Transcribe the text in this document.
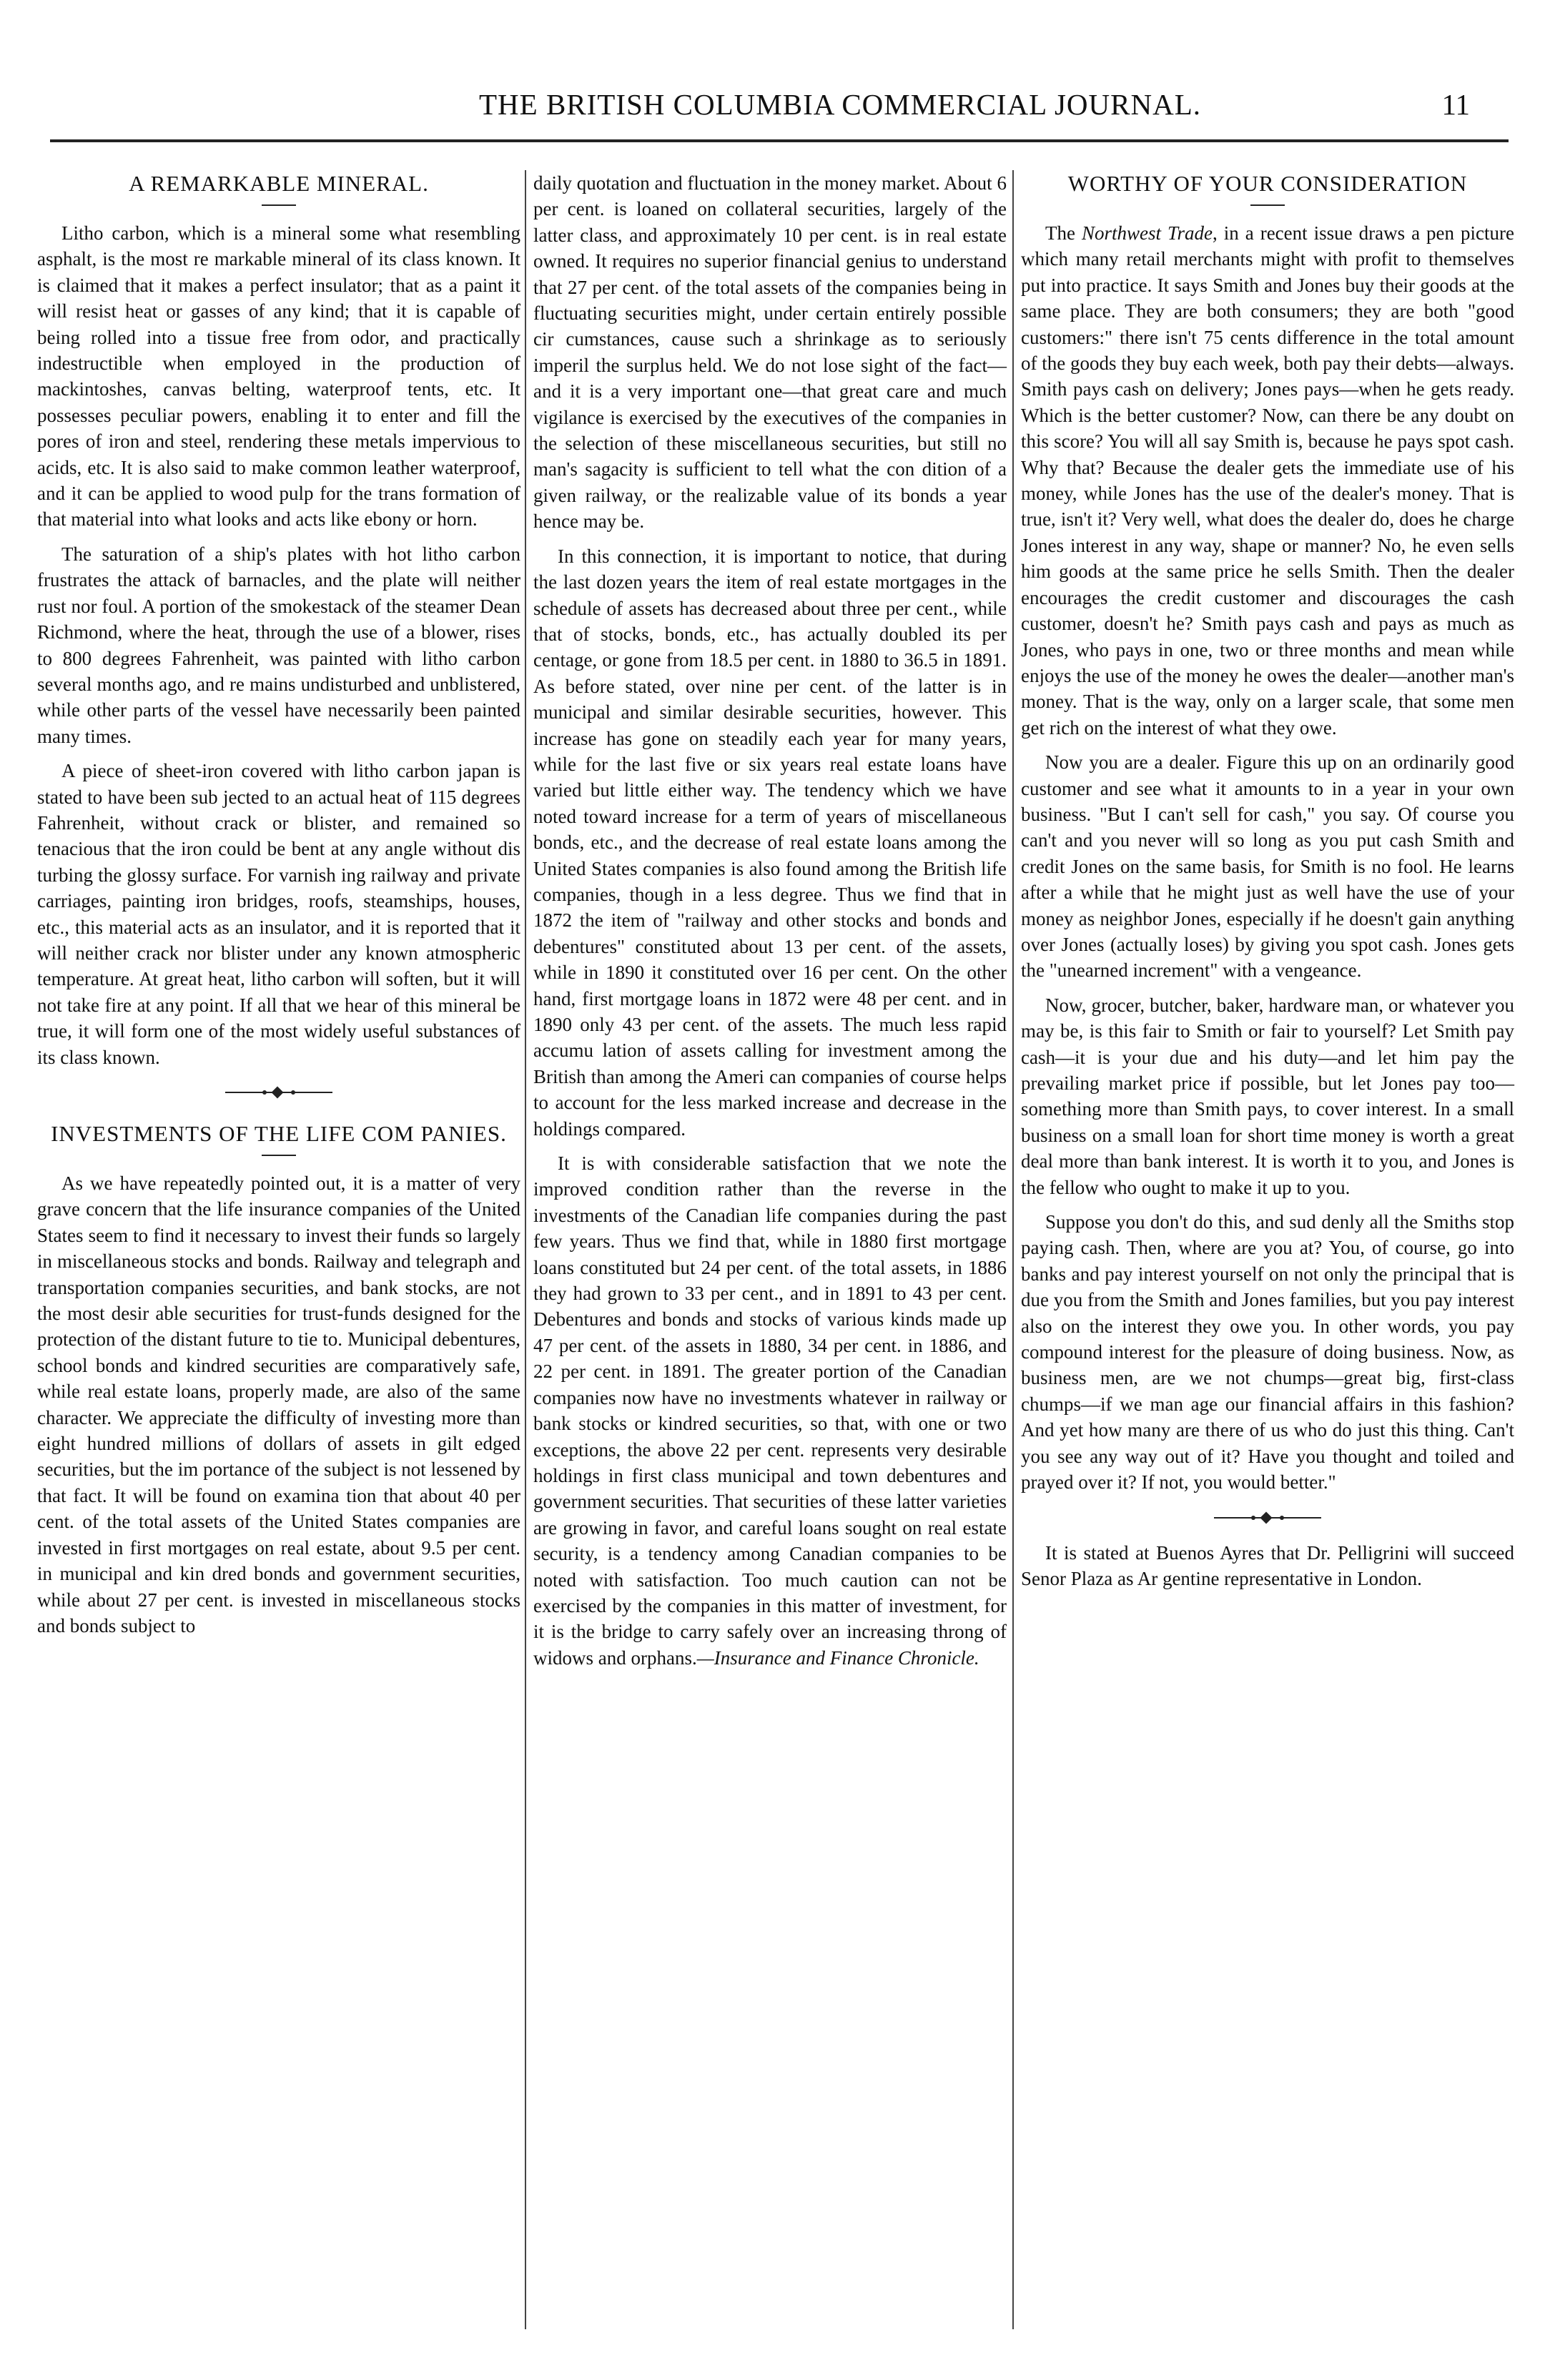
THE BRITISH COLUMBIA COMMERCIAL JOURNAL.	11
A REMARKABLE MINERAL.

Litho carbon, which is a mineral some what resembling asphalt, is the most re markable mineral of its class known. It is claimed that it makes a perfect insulator; that as a paint it will resist heat or gasses of any kind; that it is capable of being rolled into a tissue free from odor, and practically indestructible when employed in the production of mackintoshes, canvas belting, waterproof tents, etc. It possesses peculiar powers, enabling it to enter and fill the pores of iron and steel, rendering these metals impervious to acids, etc. It is also said to make common leather waterproof, and it can be applied to wood pulp for the trans formation of that material into what looks and acts like ebony or horn.

The saturation of a ship's plates with hot litho carbon frustrates the attack of barnacles, and the plate will neither rust nor foul. A portion of the smokestack of the steamer Dean Richmond, where the heat, through the use of a blower, rises to 800 degrees Fahrenheit, was painted with litho carbon several months ago, and re mains undisturbed and unblistered, while other parts of the vessel have necessarily been painted many times.

A piece of sheet-iron covered with litho carbon japan is stated to have been sub jected to an actual heat of 115 degrees Fahrenheit, without crack or blister, and remained so tenacious that the iron could be bent at any angle without dis turbing the glossy surface. For varnish ing railway and private carriages, painting iron bridges, roofs, steamships, houses, etc., this material acts as an insulator, and it is reported that it will neither crack nor blister under any known atmospheric temperature. At great heat, litho carbon will soften, but it will not take fire at any point. If all that we hear of this mineral be true, it will form one of the most widely useful substances of its class known.

INVESTMENTS OF THE LIFE COM PANIES.

As we have repeatedly pointed out, it is a matter of very grave concern that the life insurance companies of the United States seem to find it necessary to invest their funds so largely in miscellaneous stocks and bonds. Railway and telegraph and transportation companies securities, and bank stocks, are not the most desir able securities for trust-funds designed for the protection of the distant future to tie to. Municipal debentures, school bonds and kindred securities are comparatively safe, while real estate loans, properly made, are also of the same character. We appreciate the difficulty of investing more than eight hundred millions of dollars of assets in gilt edged securities, but the im portance of the subject is not lessened by that fact. It will be found on examina tion that about 40 per cent. of the total assets of the United States companies are invested in first mortgages on real estate, about 9.5 per cent. in municipal and kin dred bonds and government securities, while about 27 per cent. is invested in miscellaneous stocks and bonds subject to

daily quotation and fluctuation in the money market. About 6 per cent. is loaned on collateral securities, largely of the latter class, and approximately 10 per cent. is in real estate owned. It requires no superior financial genius to understand that 27 per cent. of the total assets of the companies being in fluctuating securities might, under certain entirely possible cir cumstances, cause such a shrinkage as to seriously imperil the surplus held. We do not lose sight of the fact—and it is a very important one—that great care and much vigilance is exercised by the executives of the companies in the selection of these miscellaneous securities, but still no man's sagacity is sufficient to tell what the con dition of a given railway, or the realizable value of its bonds a year hence may be.

In this connection, it is important to notice, that during the last dozen years the item of real estate mortgages in the schedule of assets has decreased about three per cent., while that of stocks, bonds, etc., has actually doubled its per centage, or gone from 18.5 per cent. in 1880 to 36.5 in 1891. As before stated, over nine per cent. of the latter is in municipal and similar desirable securities, however. This increase has gone on steadily each year for many years, while for the last five or six years real estate loans have varied but little either way. The tendency which we have noted toward increase for a term of years of miscellaneous bonds, etc., and the decrease of real estate loans among the United States companies is also found among the British life companies, though in a less degree. Thus we find that in 1872 the item of "railway and other stocks and bonds and debentures" constituted about 13 per cent. of the assets, while in 1890 it constituted over 16 per cent. On the other hand, first mortgage loans in 1872 were 48 per cent. and in 1890 only 43 per cent. of the assets. The much less rapid accumu lation of assets calling for investment among the British than among the Ameri can companies of course helps to account for the less marked increase and decrease in the holdings compared.

It is with considerable satisfaction that we note the improved condition rather than the reverse in the investments of the Canadian life companies during the past few years. Thus we find that, while in 1880 first mortgage loans constituted but 24 per cent. of the total assets, in 1886 they had grown to 33 per cent., and in 1891 to 43 per cent. Debentures and bonds and stocks of various kinds made up 47 per cent. of the assets in 1880, 34 per cent. in 1886, and 22 per cent. in 1891. The greater portion of the Canadian companies now have no investments whatever in railway or bank stocks or kindred securities, so that, with one or two exceptions, the above 22 per cent. represents very desirable holdings in first class municipal and town debentures and government securities. That securities of these latter varieties are growing in favor, and careful loans sought on real estate security, is a tendency among Canadian companies to be noted with satisfaction. Too much caution can not be exercised by the companies in this matter of investment, for it is the bridge to carry safely over an increasing throng of widows and orphans.—Insurance and Finance Chronicle.

WORTHY OF YOUR CONSIDERATION

The Northwest Trade, in a recent issue draws a pen picture which many retail merchants might with profit to themselves put into practice. It says Smith and Jones buy their goods at the same place. They are both consumers; they are both "good customers:" there isn't 75 cents difference in the total amount of the goods they buy each week, both pay their debts—always. Smith pays cash on delivery; Jones pays—when he gets ready. Which is the better customer? Now, can there be any doubt on this score? You will all say Smith is, because he pays spot cash. Why that? Because the dealer gets the immediate use of his money, while Jones has the use of the dealer's money. That is true, isn't it? Very well, what does the dealer do, does he charge Jones interest in any way, shape or manner? No, he even sells him goods at the same price he sells Smith. Then the dealer encourages the credit customer and discourages the cash customer, doesn't he? Smith pays cash and pays as much as Jones, who pays in one, two or three months and mean while enjoys the use of the money he owes the dealer—another man's money. That is the way, only on a larger scale, that some men get rich on the interest of what they owe.

Now you are a dealer. Figure this up on an ordinarily good customer and see what it amounts to in a year in your own business. "But I can't sell for cash," you say. Of course you can't and you never will so long as you put cash Smith and credit Jones on the same basis, for Smith is no fool. He learns after a while that he might just as well have the use of your money as neighbor Jones, especially if he doesn't gain anything over Jones (actually loses) by giving you spot cash. Jones gets the "unearned increment" with a vengeance.

Now, grocer, butcher, baker, hardware man, or whatever you may be, is this fair to Smith or fair to yourself? Let Smith pay cash—it is your due and his duty—and let him pay the prevailing market price if possible, but let Jones pay too—something more than Smith pays, to cover interest. In a small business on a small loan for short time money is worth a great deal more than bank interest. It is worth it to you, and Jones is the fellow who ought to make it up to you.

Suppose you don't do this, and sud denly all the Smiths stop paying cash. Then, where are you at? You, of course, go into banks and pay interest yourself on not only the principal that is due you from the Smith and Jones families, but you pay interest also on the interest they owe you. In other words, you pay compound interest for the pleasure of doing business. Now, as business men, are we not chumps—great big, first-class chumps—if we man age our financial affairs in this fashion? And yet how many are there of us who do just this thing. Can't you see any way out of it? Have you thought and toiled and prayed over it? If not, you would better."

It is stated at Buenos Ayres that Dr. Pelligrini will succeed Senor Plaza as Ar gentine representative in London.
